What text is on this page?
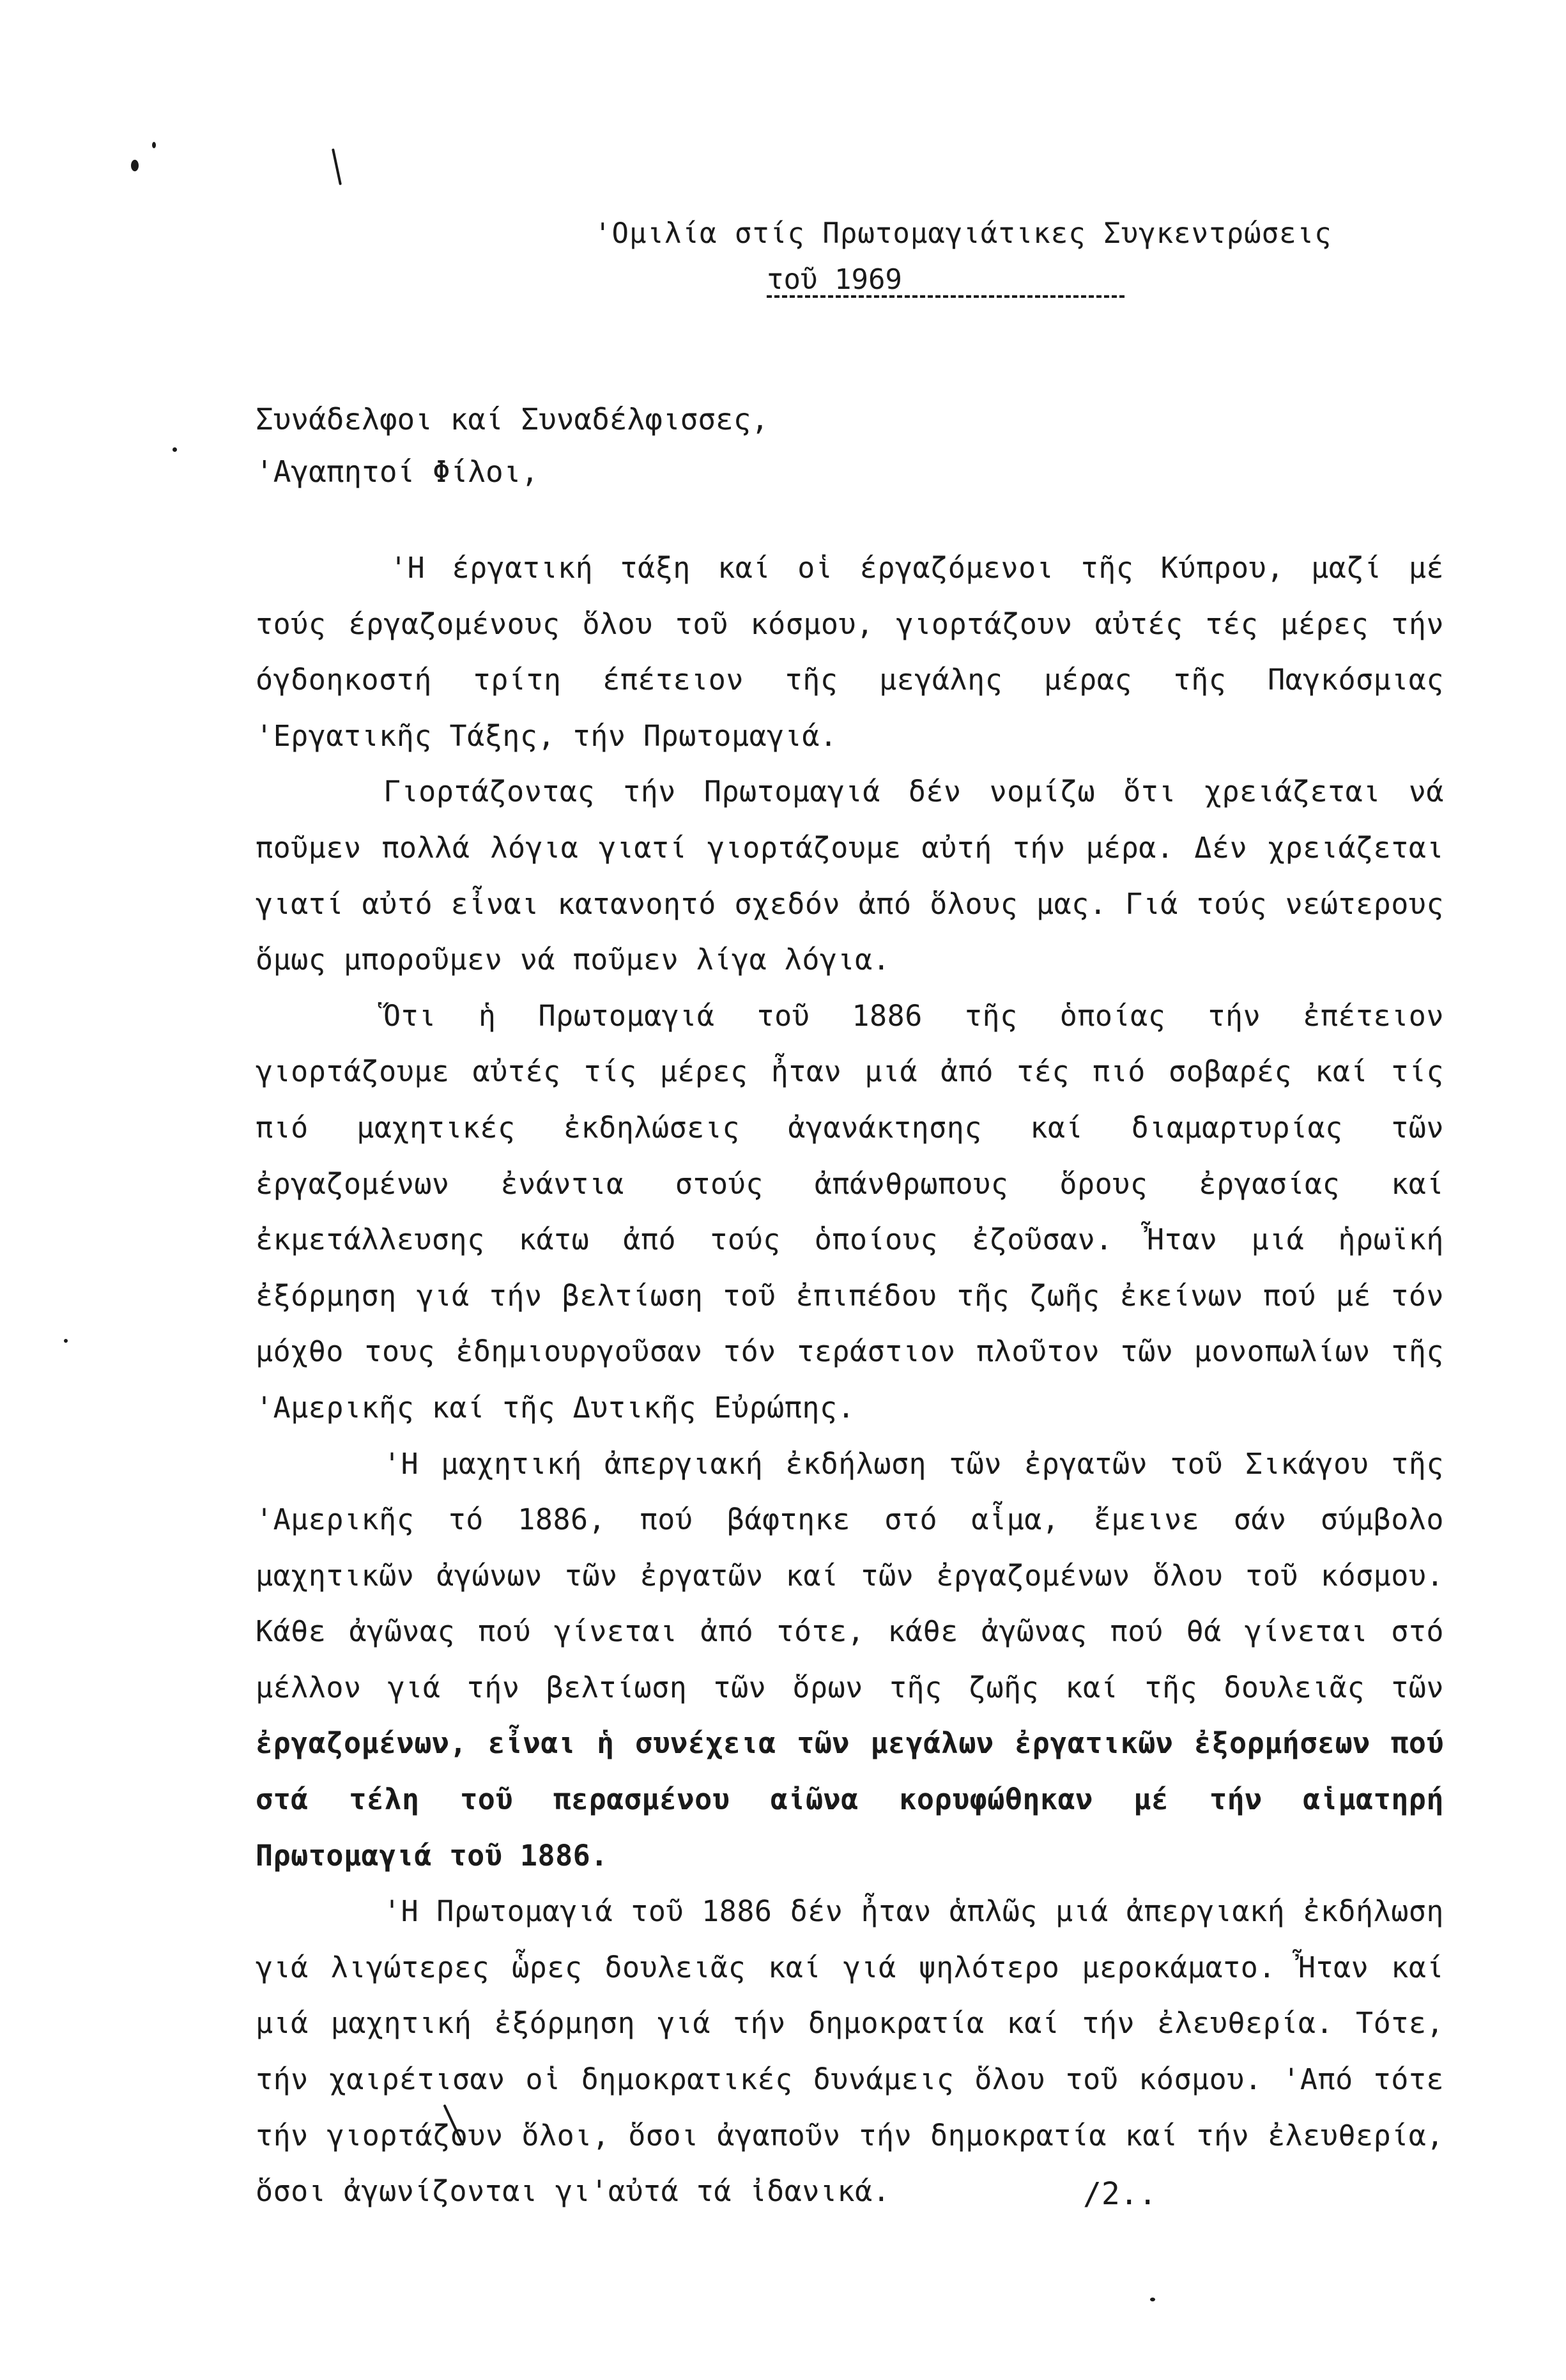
'Ομιλία στίς Πρωτομαγιάτικες Συγκεντρώσεις
τοῦ 1969
Συνάδελφοι καί Συναδέλφισσες,
'Αγαπητοί Φίλοι,

'Η έργατική τάξη καί οἱ έργαζόμενοι τῆς Κύπρου, μαζί μέ τούς έργαζομένους ὅλου τοῦ κόσμου, γιορτάζουν αὐτές τές μέρες τήν όγδοηκοστή τρίτη έπέτειον τῆς μεγάλης μέρας τῆς Παγκόσμιας 'Εργατικῆς Τάξης, τήν Πρωτομαγιά.

Γιορτάζοντας τήν Πρωτομαγιά δέν νομίζω ὅτι χρειάζεται νά ποῦμεν πολλά λόγια γιατί γιορτάζουμε αὐτή τήν μέρα. Δέν χρειάζεται γιατί αὐτό εἶναι κατανοητό σχεδόν ἀπό ὅλους μας. Γιά τούς νεώτερους ὅμως μποροῦμεν νά ποῦμεν λίγα λόγια.

Ὅτι ἡ Πρωτομαγιά τοῦ 1886 τῆς ὁποίας τήν ἐπέτειον γιορτάζουμε αὐτές τίς μέρες ἦταν μιά ἀπό τές πιό σοβαρές καί τίς πιό μαχητικές ἐκδηλώσεις ἀγανάκτησης καί διαμαρτυρίας τῶν ἐργαζομένων ἐνάντια στούς ἀπάνθρωπους ὅρους ἐργασίας καί ἐκμετάλλευσης κάτω ἀπό τούς ὁποίους ἐζοῦσαν. Ἦταν μιά ἡρωϊκή ἐξόρμηση γιά τήν βελτίωση τοῦ ἐπιπέδου τῆς ζωῆς ἐκείνων πού μέ τόν μόχθο τους ἐδημιουργοῦσαν τόν τεράστιον πλοῦτον τῶν μονοπωλίων τῆς 'Αμερικῆς καί τῆς Δυτικῆς Εὐρώπης.

'Η μαχητική ἀπεργιακή ἐκδήλωση τῶν ἐργατῶν τοῦ Σικάγου τῆς 'Αμερικῆς τό 1886, πού βάφτηκε στό αἷμα, ἔμεινε σάν σύμβολο μαχητικῶν ἀγώνων τῶν ἐργατῶν καί τῶν ἐργαζομένων ὅλου τοῦ κόσμου. Κάθε ἀγῶνας πού γίνεται ἀπό τότε, κάθε ἀγῶνας πού θά γίνεται στό μέλλον γιά τήν βελτίωση τῶν ὅρων τῆς ζωῆς καί τῆς δουλειᾶς τῶν ἐργαζομένων, εἶναι ἡ συνέχεια τῶν μεγάλων ἐργατικῶν ἐξορμήσεων πού στά τέλη τοῦ περασμένου αἰῶνα κορυφώθηκαν μέ τήν αἱματηρή Πρωτομαγιά τοῦ 1886.

'Η Πρωτομαγιά τοῦ 1886 δέν ἦταν ἁπλῶς μιά ἀπεργιακή ἐκδήλωση γιά λιγώτερες ὧρες δουλειᾶς καί γιά ψηλότερο μεροκάματο. Ἦταν καί μιά μαχητική ἐξόρμηση γιά τήν δημοκρατία καί τήν ἐλευθερία. Τότε, τήν χαιρέτισαν οἱ δημοκρατικές δυνάμεις ὅλου τοῦ κόσμου. 'Από τότε τήν γιορτάζουν ὅλοι, ὅσοι ἀγαποῦν τήν δημοκρατία καί τήν ἐλευθερία, ὅσοι ἀγωνίζονται γι'αὐτά τά ἰδανικά.	/2..
